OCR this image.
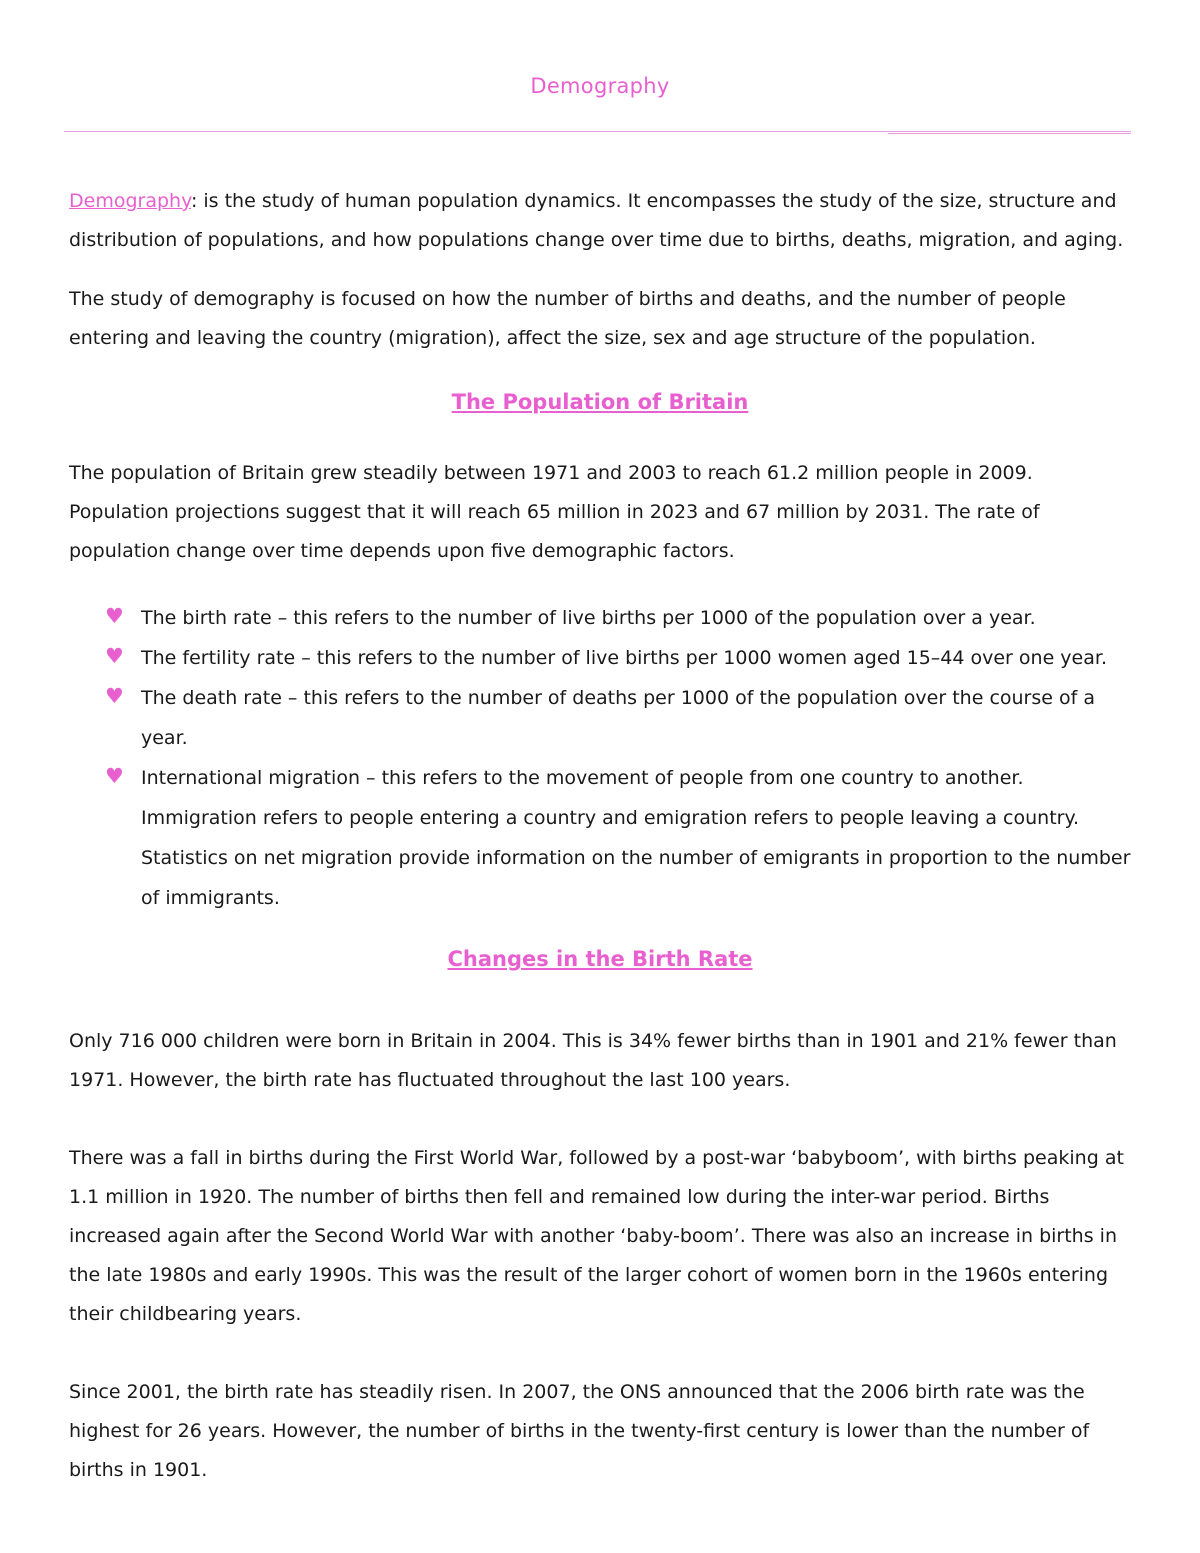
Demography

Demography: is the study of human population dynamics. It encompasses the study of the size, structure and distribution of populations, and how populations change over time due to births, deaths, migration, and aging.

The study of demography is focused on how the number of births and deaths, and the number of people entering and leaving the country (migration), affect the size, sex and age structure of the population.

The Population of Britain

The population of Britain grew steadily between 1971 and 2003 to reach 61.2 million people in 2009. Population projections suggest that it will reach 65 million in 2023 and 67 million by 2031. The rate of population change over time depends upon five demographic factors.

♥ The birth rate – this refers to the number of live births per 1000 of the population over a year.
♥ The fertility rate – this refers to the number of live births per 1000 women aged 15–44 over one year.
♥ The death rate – this refers to the number of deaths per 1000 of the population over the course of a year.
♥ International migration – this refers to the movement of people from one country to another. Immigration refers to people entering a country and emigration refers to people leaving a country. Statistics on net migration provide information on the number of emigrants in proportion to the number of immigrants.
Changes in the Birth Rate

Only 716 000 children were born in Britain in 2004. This is 34% fewer births than in 1901 and 21% fewer than 1971. However, the birth rate has fluctuated throughout the last 100 years.

There was a fall in births during the First World War, followed by a post-war ‘babyboom’, with births peaking at 1.1 million in 1920. The number of births then fell and remained low during the inter-war period. Births increased again after the Second World War with another ‘baby-boom’. There was also an increase in births in the late 1980s and early 1990s. This was the result of the larger cohort of women born in the 1960s entering their childbearing years.

Since 2001, the birth rate has steadily risen. In 2007, the ONS announced that the 2006 birth rate was the highest for 26 years. However, the number of births in the twenty-first century is lower than the number of births in 1901.
